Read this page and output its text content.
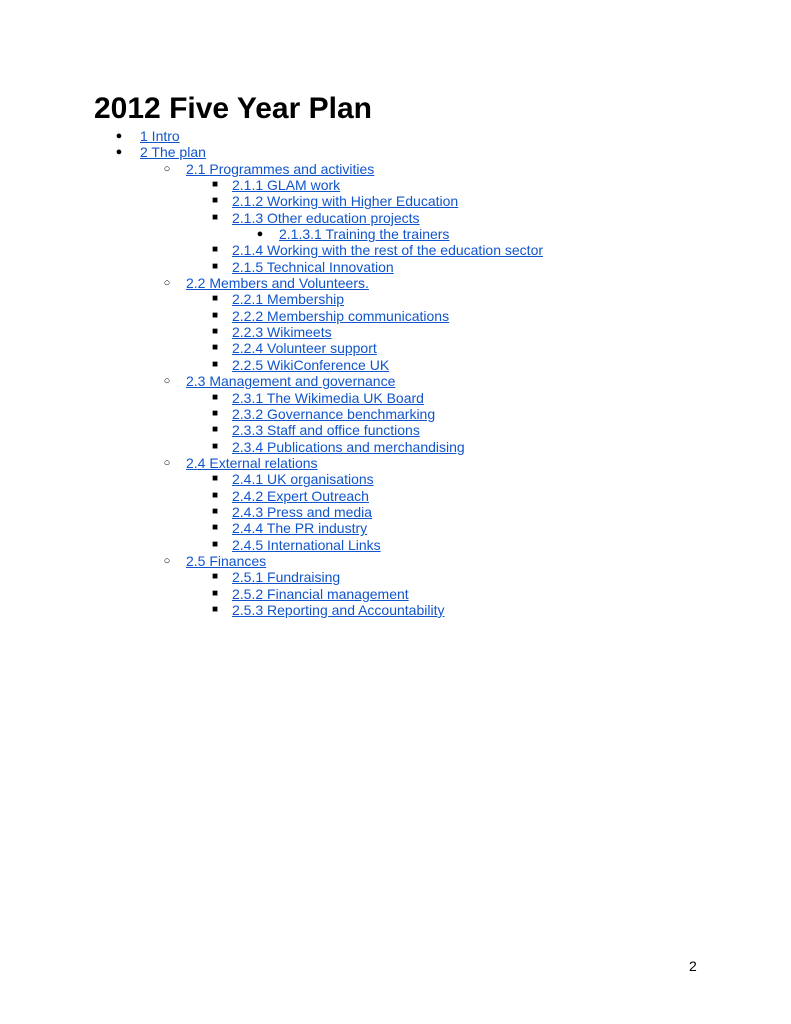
2012 Five Year Plan
● 1 Intro
● 2 The plan
○ 2.1 Programmes and activities
■ 2.1.1 GLAM work
■ 2.1.2 Working with Higher Education
■ 2.1.3 Other education projects
● 2.1.3.1 Training the trainers
■ 2.1.4 Working with the rest of the education sector
■ 2.1.5 Technical Innovation
○ 2.2 Members and Volunteers.
■ 2.2.1 Membership
■ 2.2.2 Membership communications
■ 2.2.3 Wikimeets
■ 2.2.4 Volunteer support
■ 2.2.5 WikiConference UK
○ 2.3 Management and governance
■ 2.3.1 The Wikimedia UK Board
■ 2.3.2 Governance benchmarking
■ 2.3.3 Staff and office functions
■ 2.3.4 Publications and merchandising
○ 2.4 External relations
■ 2.4.1 UK organisations
■ 2.4.2 Expert Outreach
■ 2.4.3 Press and media
■ 2.4.4 The PR industry
■ 2.4.5 International Links
○ 2.5 Finances
■ 2.5.1 Fundraising
■ 2.5.2 Financial management
■ 2.5.3 Reporting and Accountability
2
